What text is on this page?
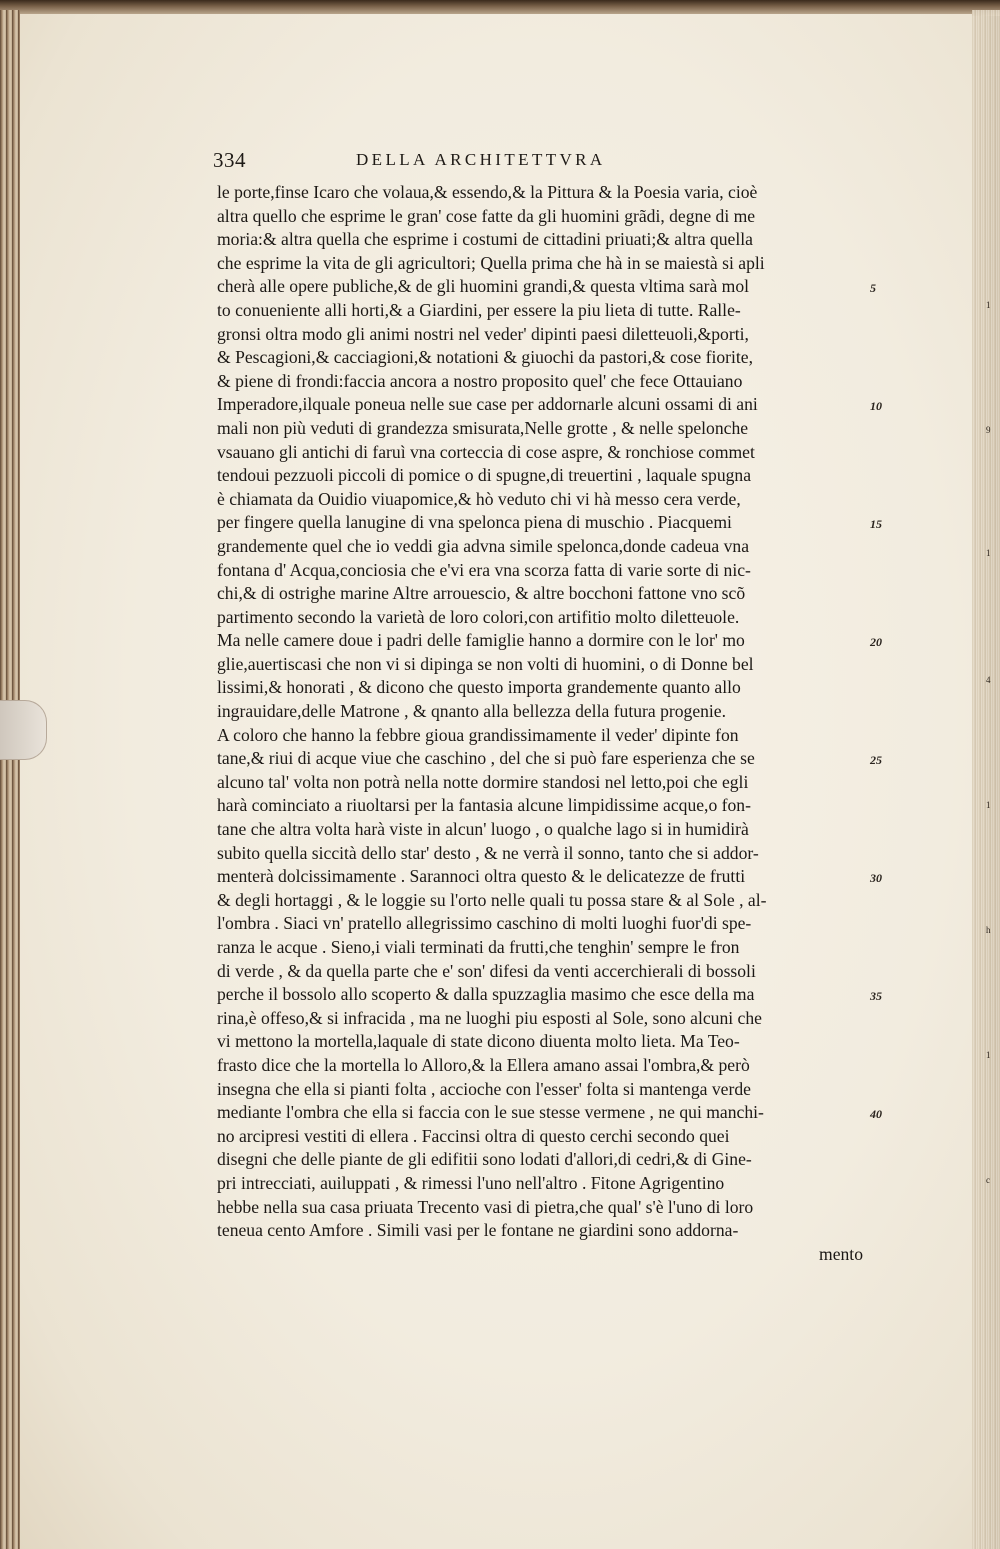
334	DELLA ARCHITETTVRA
le porte,finse Icaro che volaua,& essendo,& la Pittura & la Poesia varia, cioè
altra quello che esprime le gran' cose fatte da gli huomini grãdi, degne di me
moria:& altra quella che esprime i costumi de cittadini priuati;& altra quella
che esprime la vita de gli agricultori; Quella prima che hà in se maiestà si apli
cherà alle opere publiche,& de gli huomini grandi,& questa vltima sarà mol
to conueniente alli horti,& a Giardini, per essere la piu lieta di tutte. Ralle-
gronsi oltra modo gli animi nostri nel veder' dipinti paesi diletteuoli,&porti,
& Pescagioni,& cacciagioni,& notationi & giuochi da pastori,& cose fiorite,
& piene di frondi:faccia ancora a nostro proposito quel' che fece Ottauiano
Imperadore,ilquale poneua nelle sue case per addornarle alcuni ossami di ani
mali non più veduti di grandezza smisurata,Nelle grotte , & nelle spelonche
vsauano gli antichi di faruì vna corteccia di cose aspre, & ronchiose commet
tendoui pezzuoli piccoli di pomice o di spugne,di treuertini , laquale spugna
è chiamata da Ouidio viuapomice,& hò veduto chi vi hà messo cera verde,
per fingere quella lanugine di vna spelonca piena di muschio . Piacquemi
grandemente quel che io veddi gia advna simile spelonca,donde cadeua vna
fontana d' Acqua,conciosia che e'vi era vna scorza fatta di varie sorte di nic-
chi,& di ostrighe marine Altre arrouescio, & altre bocchoni fattone vno scõ
partimento secondo la varietà de loro colori,con artifitio molto diletteuole.
Ma nelle camere doue i padri delle famiglie hanno a dormire con le lor' mo
glie,auertiscasi che non vi si dipinga se non volti di huomini, o di Donne bel
lissimi,& honorati , & dicono che questo importa grandemente quanto allo
ingrauidare,delle Matrone , & qnanto alla bellezza della futura progenie.
A coloro che hanno la febbre gioua grandissimamente il veder' dipinte fon
tane,& riui di acque viue che caschino , del che si può fare esperienza che se
alcuno tal' volta non potrà nella notte dormire standosi nel letto,poi che egli
harà cominciato a riuoltarsi per la fantasia alcune limpidissime acque,o fon-
tane che altra volta harà viste in alcun' luogo , o qualche lago si in humidirà
subito quella siccità dello star' desto , & ne verrà il sonno, tanto che si addor-
menterà dolcissimamente . Sarannoci oltra questo & le delicatezze de frutti
& degli hortaggi , & le loggie su l'orto nelle quali tu possa stare & al Sole , al-
l'ombra . Siaci vn' pratello allegrissimo caschino di molti luoghi fuor'di spe-
ranza le acque . Sieno,i viali terminati da frutti,che tenghin' sempre le fron
di verde , & da quella parte che e' son' difesi da venti accerchierali di bossoli
perche il bossolo allo scoperto & dalla spuzzaglia masimo che esce della ma
rina,è offeso,& si infracida , ma ne luoghi piu esposti al Sole, sono alcuni che
vi mettono la mortella,laquale di state dicono diuenta molto lieta. Ma Teo-
frasto dice che la mortella lo Alloro,& la Ellera amano assai l'ombra,& però
insegna che ella si pianti folta , accioche con l'esser' folta si mantenga verde
mediante l'ombra che ella si faccia con le sue stesse vermene , ne qui manchi-
no arcipresi vestiti di ellera . Faccinsi oltra di questo cerchi secondo quei
disegni che delle piante de gli edifitii sono lodati d'allori,di cedri,& di Gine-
pri intrecciati, auiluppati , & rimessi l'uno nell'altro . Fitone Agrigentino
hebbe nella sua casa priuata Trecento vasi di pietra,che qual' s'è l'uno di loro
teneua cento Amfore . Simili vasi per le fontane ne giardini sono addorna-
mento
5
10
15
20
25
30
35
40
1
9
1
4
1
h
1
c
